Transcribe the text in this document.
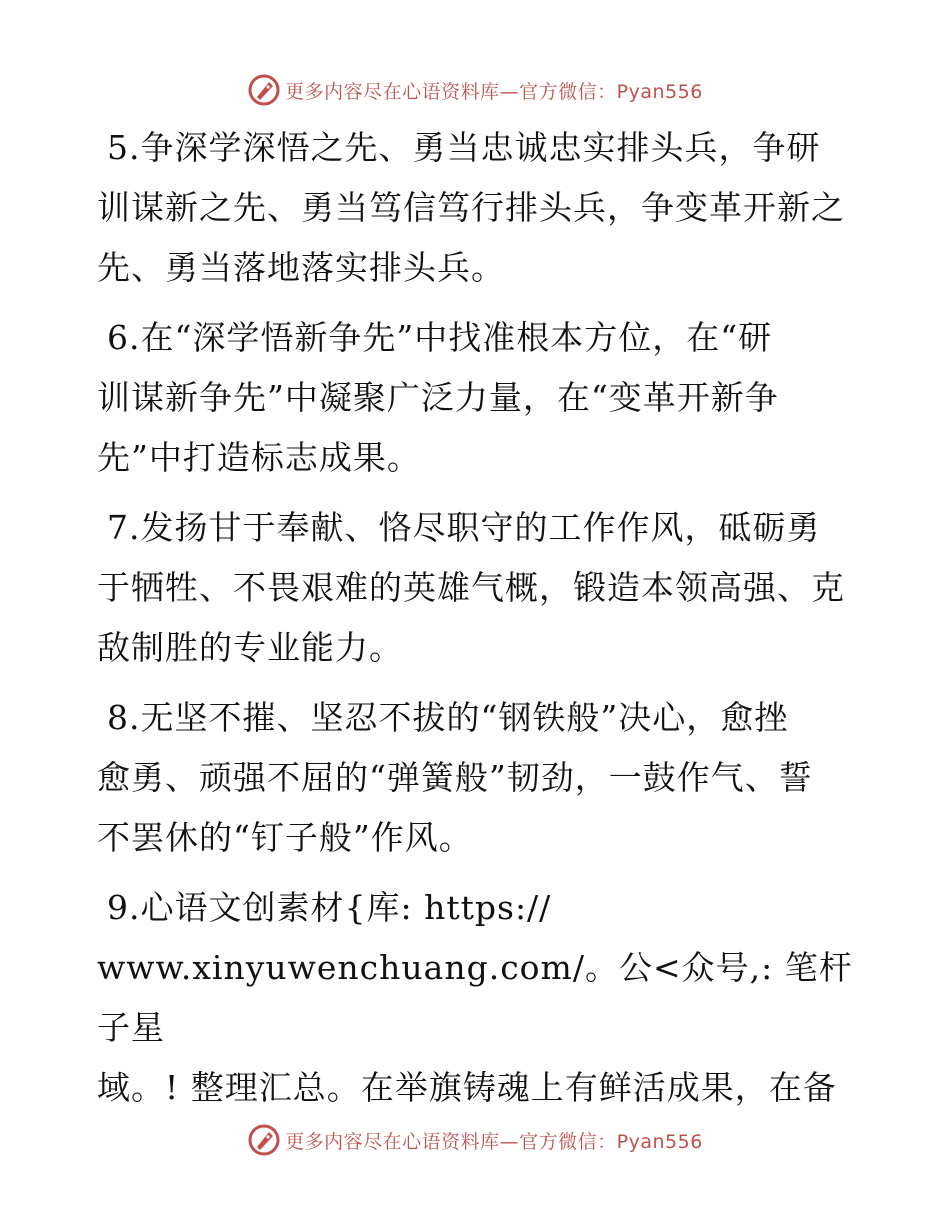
更多内容尽在心语资料库—官方微信：Pyan556

5.争深学深悟之先、勇当忠诚忠实排头兵，争研
训谋新之先、勇当笃信笃行排头兵，争变革开新之
先、勇当落地落实排头兵。

6.在“深学悟新争先”中找准根本方位，在“研
训谋新争先”中凝聚广泛力量，在“变革开新争
先”中打造标志成果。

7.发扬甘于奉献、恪尽职守的工作作风，砥砺勇
于牺牲、不畏艰难的英雄气概，锻造本领高强、克
敌制胜的专业能力。

8.无坚不摧、坚忍不拔的“钢铁般”决心，愈挫
愈勇、顽强不屈的“弹簧般”韧劲，一鼓作气、誓
不罢休的“钉子般”作风。

9.心语文创素材{库: https://
www.xinyuwenchuang.com/。公<众号,: 笔杆子星
域。! 整理汇总。在举旗铸魂上有鲜活成果，在备

更多内容尽在心语资料库—官方微信：Pyan556
